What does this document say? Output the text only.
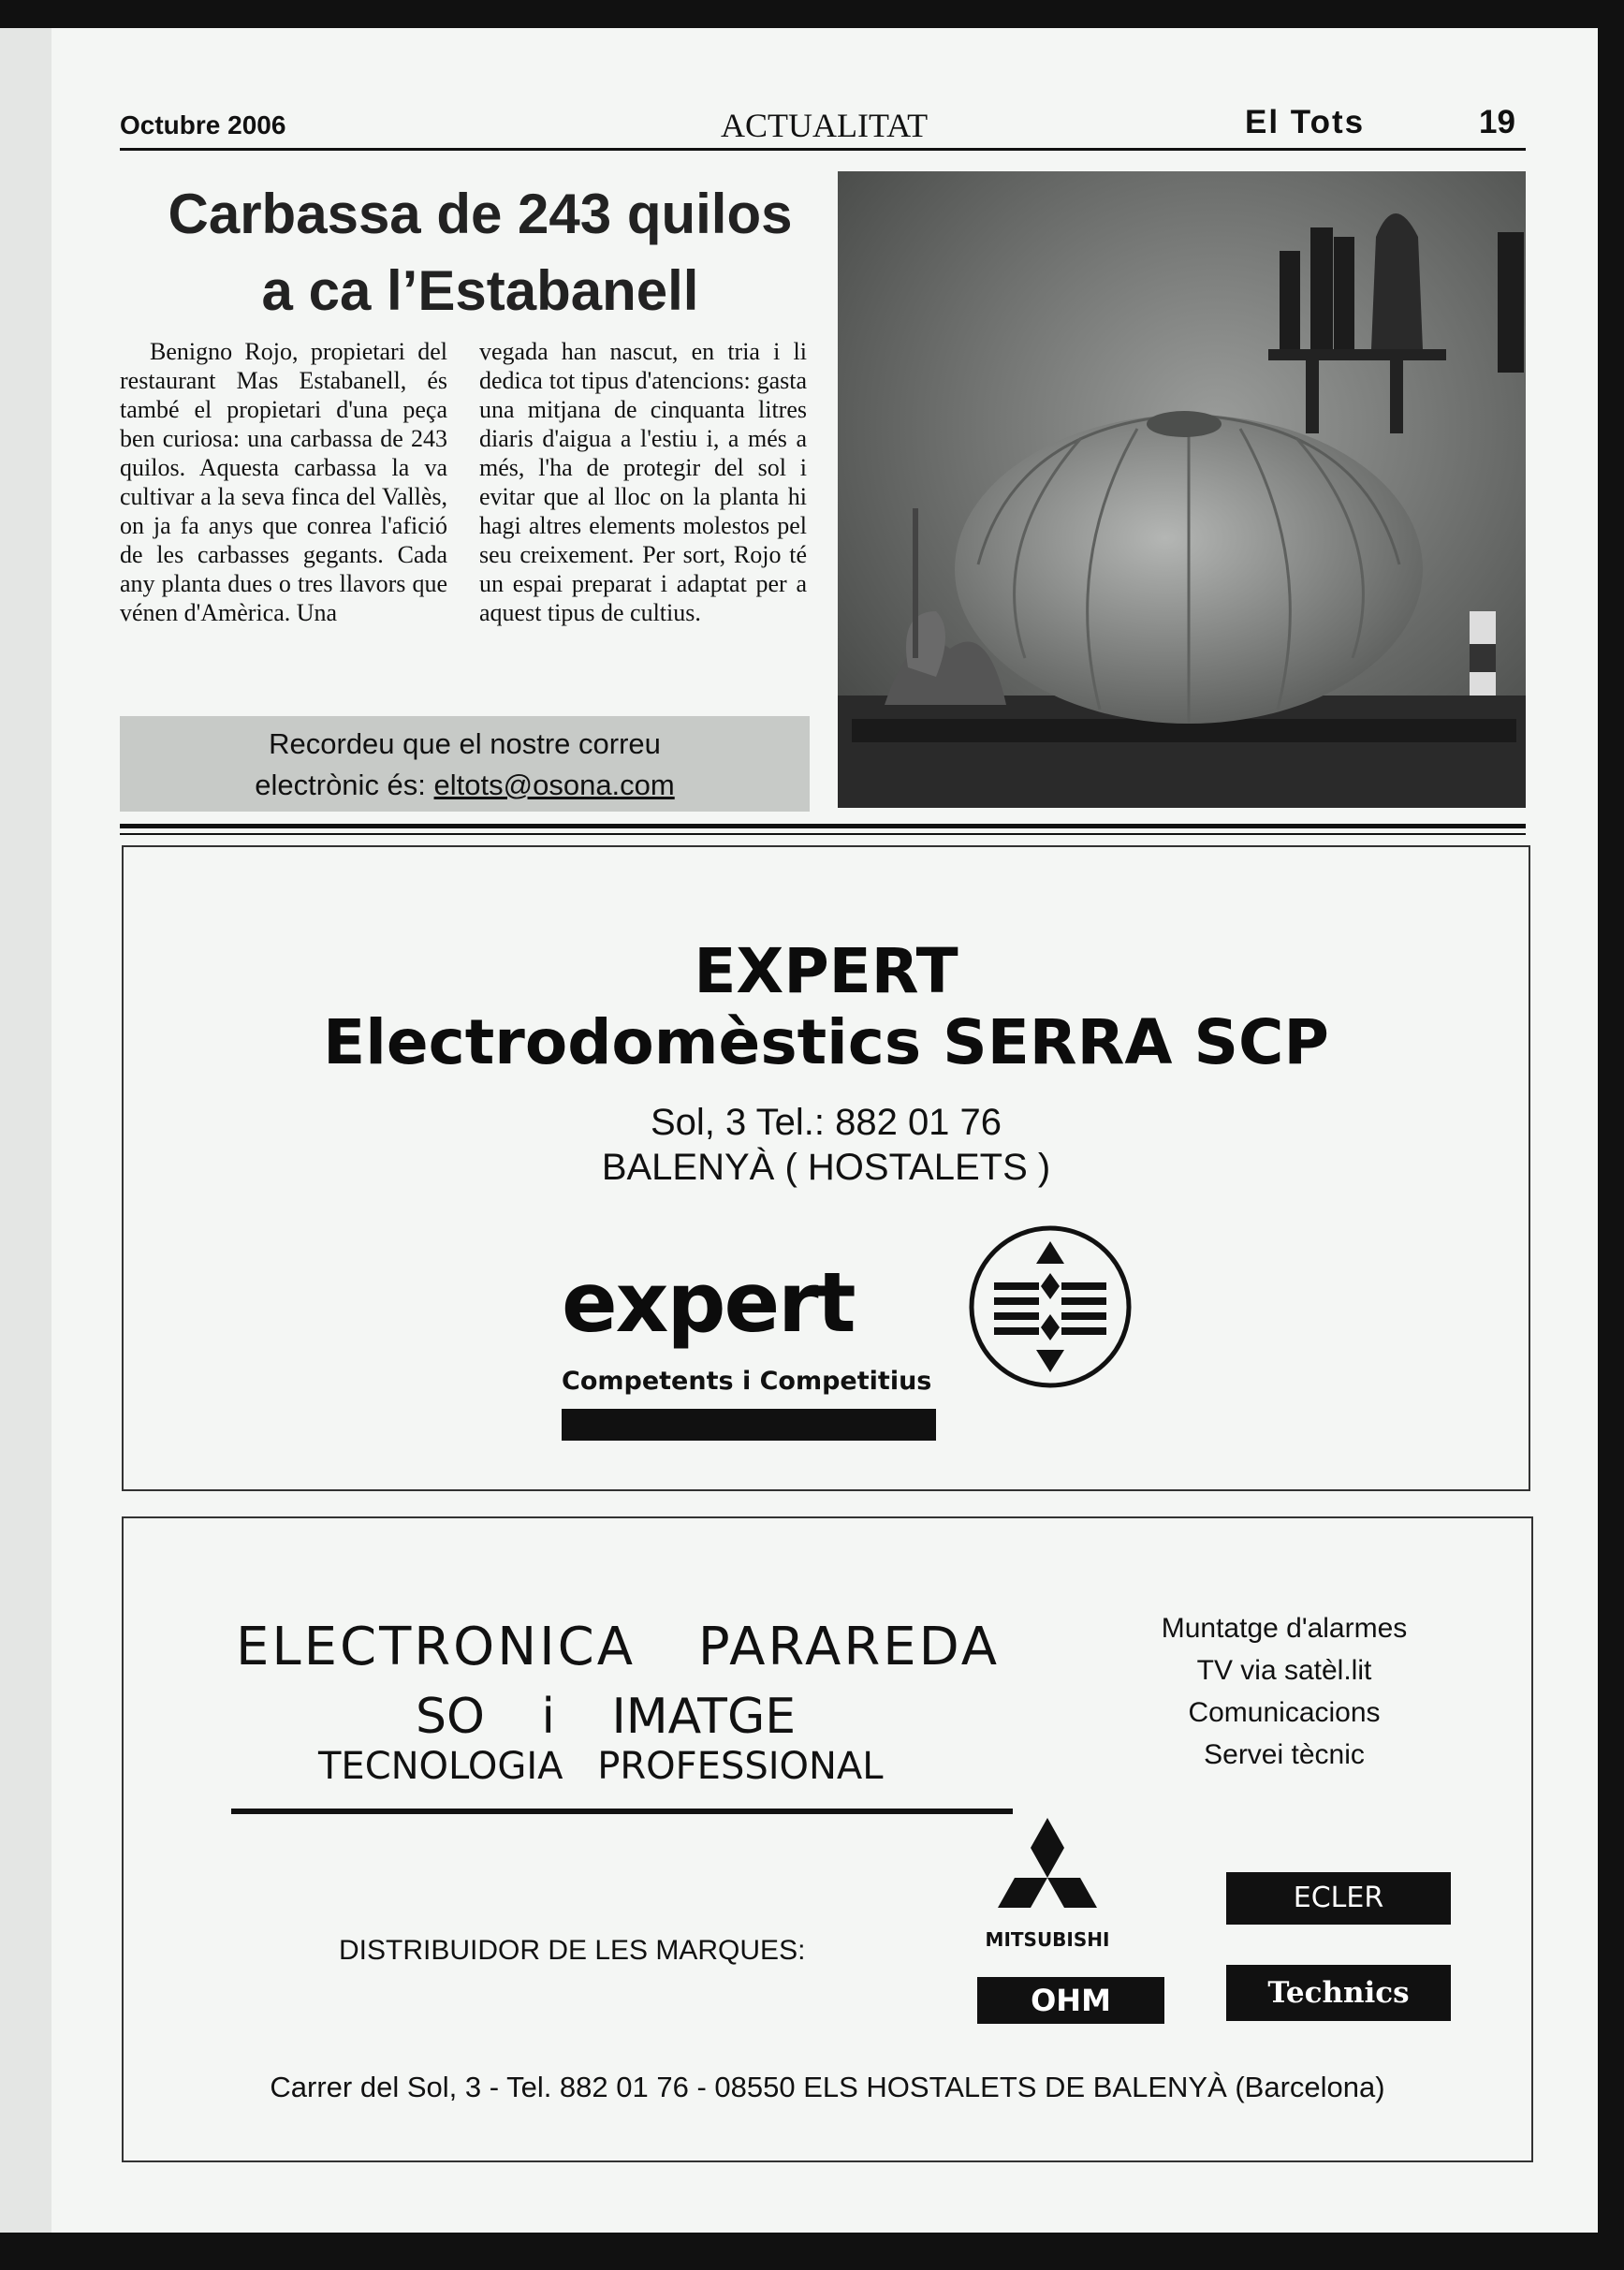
Octubre 2006	ACTUALITAT	El Tots	19
Carbassa de 243 quilos
a ca l’Estabanell
Benigno Rojo, propietari del restaurant Mas Estabanell, és també el propietari d'una peça ben curiosa: una carbassa de 243 quilos. Aquesta carbassa la va cultivar a la seva finca del Vallès, on ja fa anys que conrea l'afició de les carbasses gegants. Cada any planta dues o tres llavors que vénen d'Amèrica. Una
vegada han nascut, en tria i li dedica tot tipus d'atencions: gasta una mitjana de cinquanta litres diaris d'aigua a l'estiu i, a més a més, l'ha de protegir del sol i evitar que al lloc on la planta hi hagi altres elements molestos pel seu creixement. Per sort, Rojo té un espai preparat i adaptat per a aquest tipus de cultius.
Recordeu que el nostre correu
electrònic és: eltots@osona.com
EXPERT
Electrodomèstics SERRA SCP
Sol, 3 Tel.: 882 01 76
BALENYÀ ( HOSTALETS )
expert
Competents i Competitius
ELECTRONICA PARAREDA
SO i IMATGE
TECNOLOGIA PROFESSIONAL
Muntatge d'alarmes
TV via satèl.lit
Comunicacions
Servei tècnic
DISTRIBUIDOR DE LES MARQUES:	MITSUBISHI
OHM
ECLER
Technics
Carrer del Sol, 3 - Tel. 882 01 76 - 08550 ELS HOSTALETS DE BALENYÀ (Barcelona)
